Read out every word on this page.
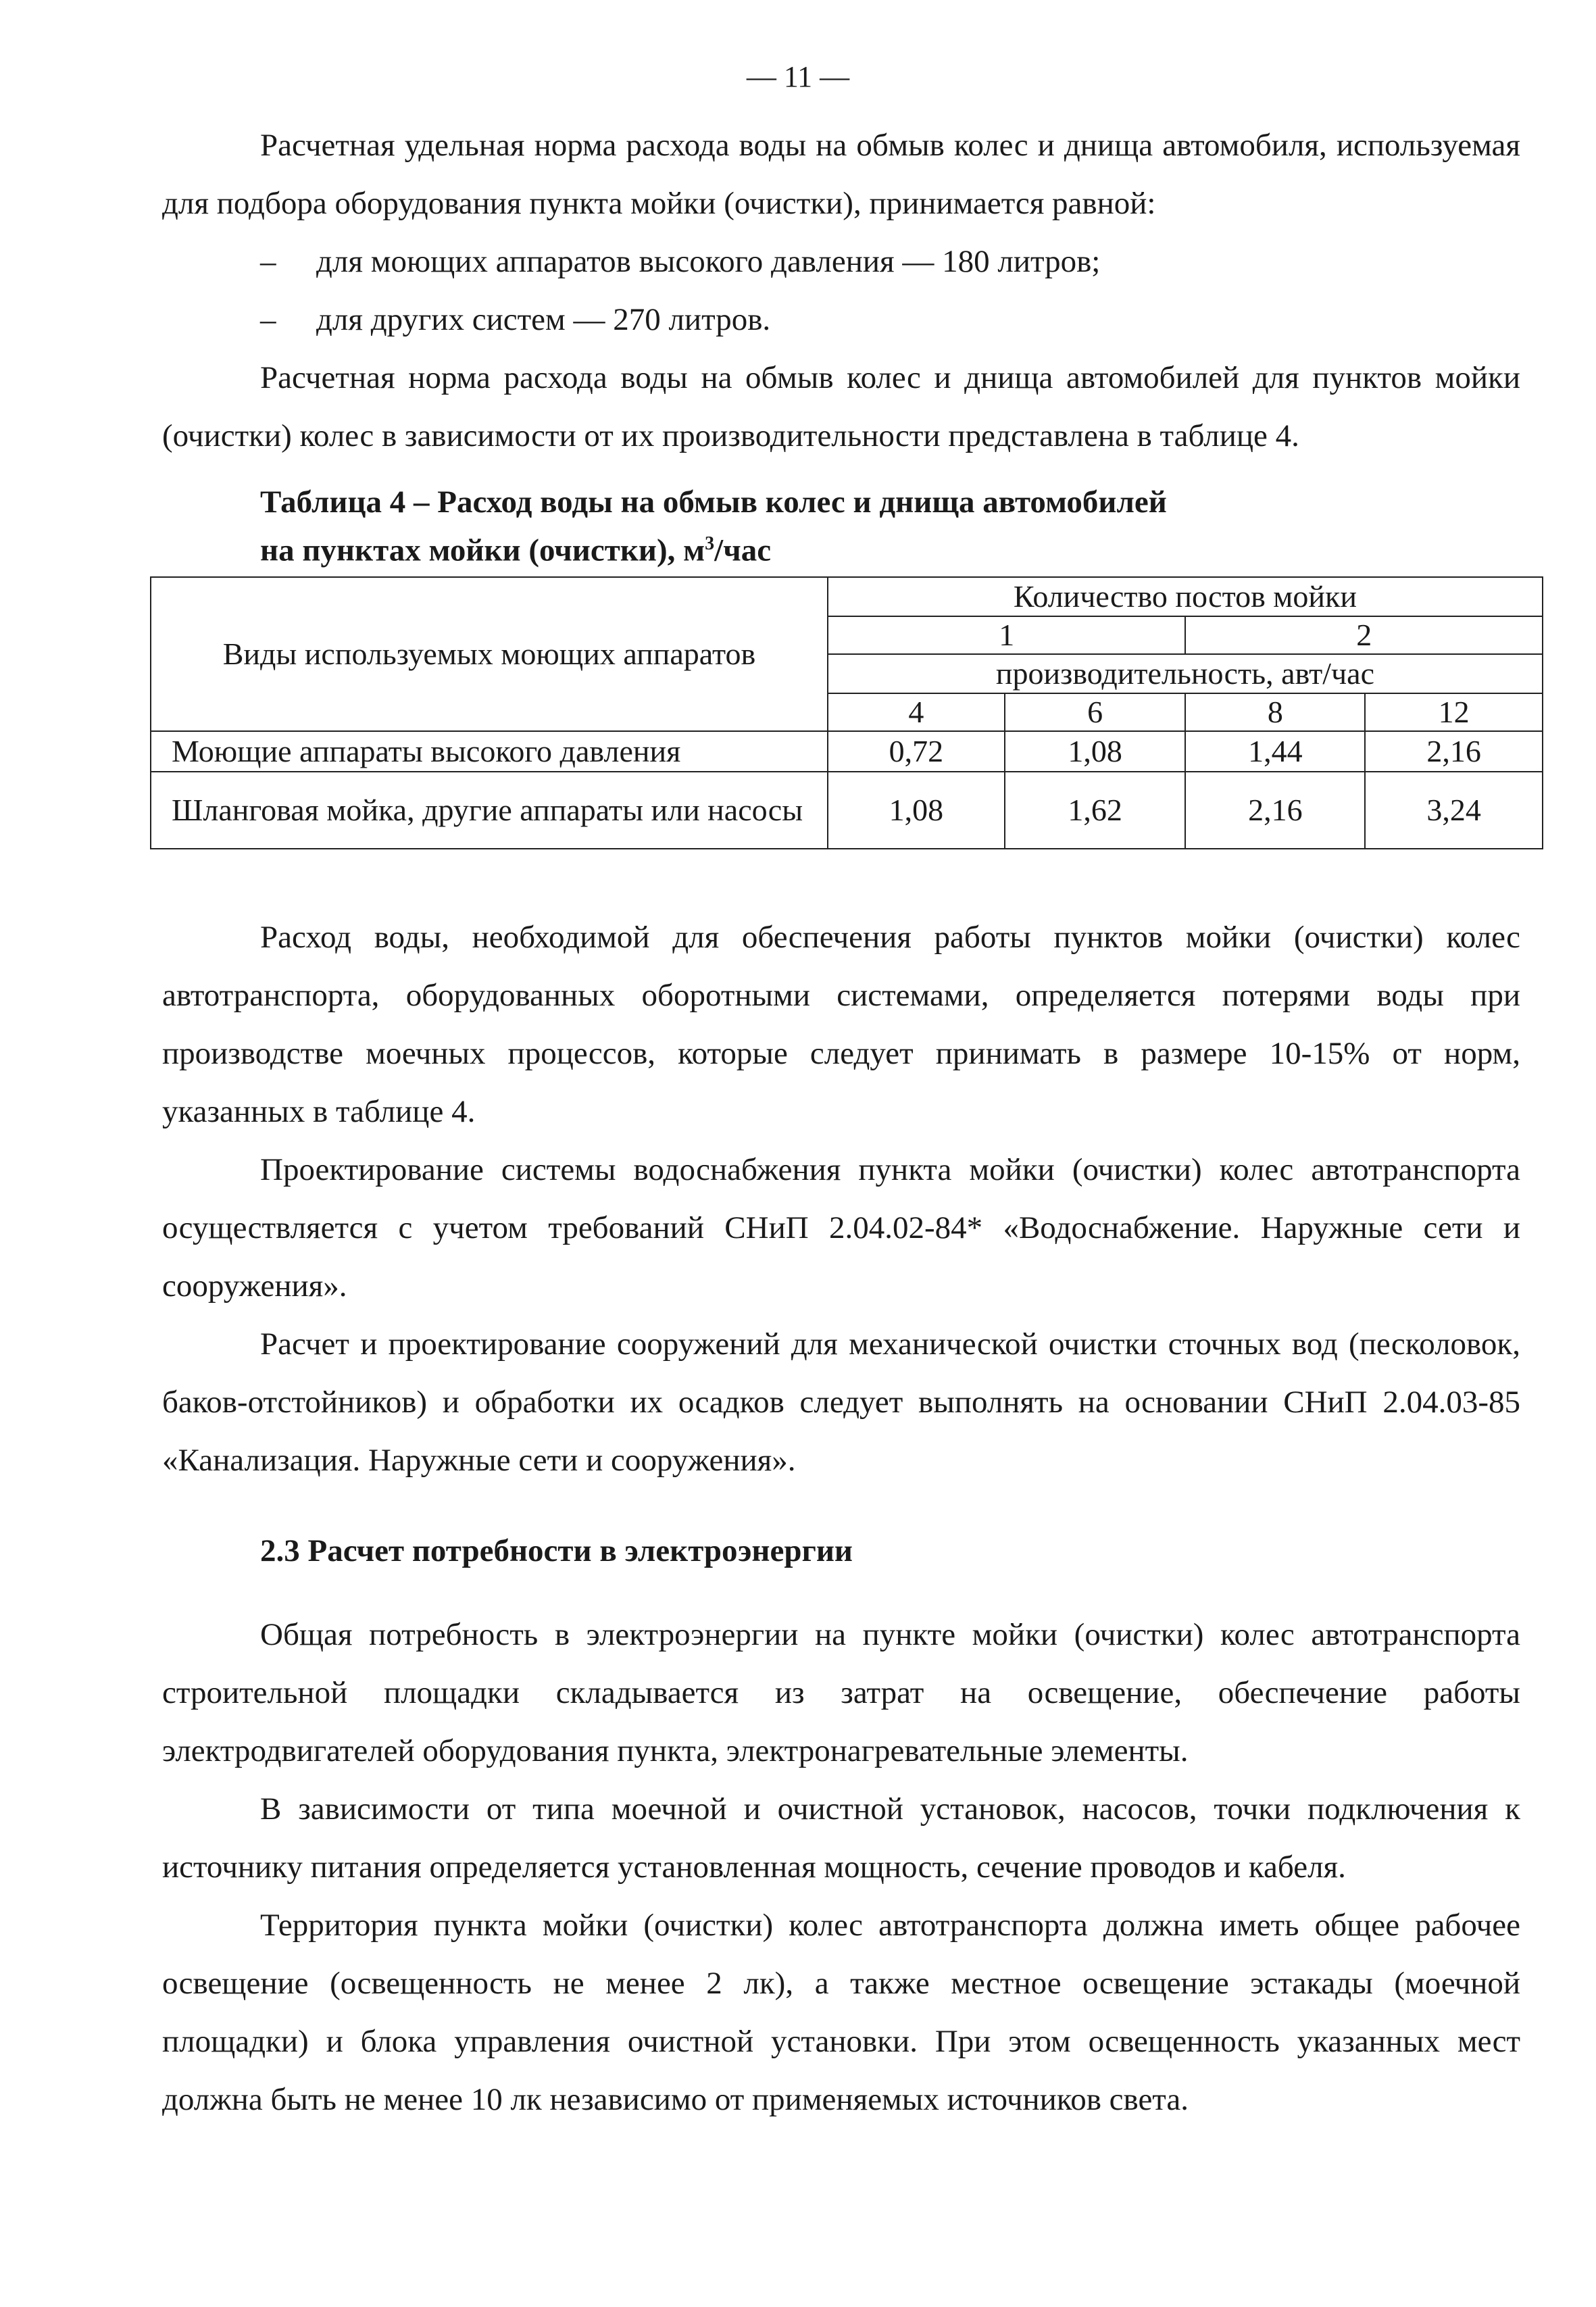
— 11 —

Расчетная удельная норма расхода воды на обмыв колес и днища автомобиля, используемая для подбора оборудования пункта мойки (очистки), принимается равной:

– для моющих аппаратов высокого давления — 180 литров;
– для других систем — 270 литров.

Расчетная норма расхода воды на обмыв колес и днища автомобилей для пунктов мойки (очистки) колес в зависимости от их производительности представлена в таблице 4.

Таблица 4 – Расход воды на обмыв колес и днища автомобилей
на пунктах мойки (очистки), $м^3$/час
Виды используемых моющих аппаратов	Количество постов мойки			
	1		2	
	производительность, авт/час			
	4	6	8	12
Моющие аппараты высокого давления	0,72	1,08	1,44	2,16
Шланговая мойка, другие аппараты или насосы	1,08	1,62	2,16	3,24

Расход воды, необходимой для обеспечения работы пунктов мойки (очистки) колес автотранспорта, оборудованных оборотными системами, определяется потерями воды при производстве моечных процессов, которые следует принимать в размере 10-15% от норм, указанных в таблице 4.

Проектирование системы водоснабжения пункта мойки (очистки) колес автотранспорта осуществляется с учетом требований СНиП 2.04.02-84* «Водоснабжение. Наружные сети и сооружения».

Расчет и проектирование сооружений для механической очистки сточных вод (песколовок, баков-отстойников) и обработки их осадков следует выполнять на основании СНиП 2.04.03-85 «Канализация. Наружные сети и сооружения».

2.3 Расчет потребности в электроэнергии

Общая потребность в электроэнергии на пункте мойки (очистки) колес автотранспорта строительной площадки складывается из затрат на освещение, обеспечение работы электродвигателей оборудования пункта, электронагревательные элементы.

В зависимости от типа моечной и очистной установок, насосов, точки подключения к источнику питания определяется установленная мощность, сечение проводов и кабеля.

Территория пункта мойки (очистки) колес автотранспорта должна иметь общее рабочее освещение (освещенность не менее 2 лк), а также местное освещение эстакады (моечной площадки) и блока управления очистной установки. При этом освещенность указанных мест должна быть не менее 10 лк независимо от применяемых источников света.
